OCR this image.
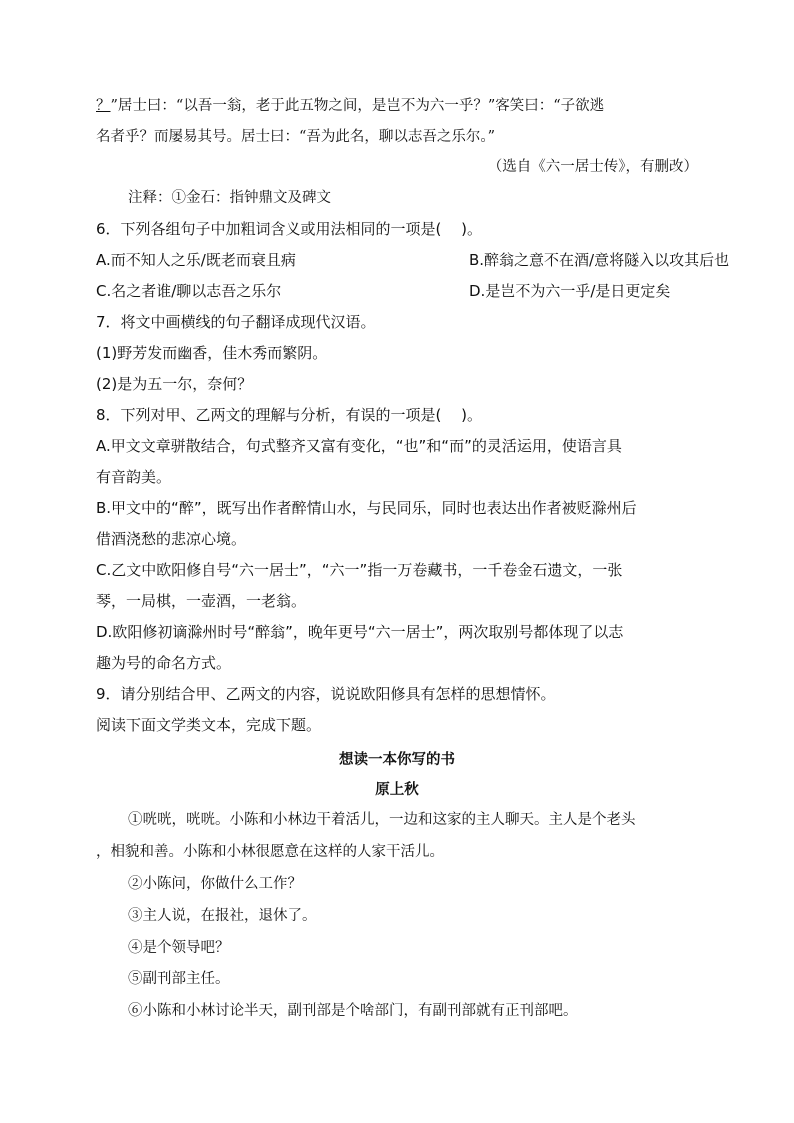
？”居士曰：“以吾一翁，老于此五物之间，是岂不为六一乎？”客笑曰：“子欲逃
名者乎？而屡易其号。居士曰：“吾为此名，聊以志吾之乐尔。”
（选自《六一居士传》，有删改）
注释：①金石：指钟鼎文及碑文
6．下列各组句子中加粗词含义或用法相同的一项是(　 )。
A.而不知人之乐/既老而衰且病	B.醉翁之意不在酒/意将隧入以攻其后也
C.名之者谁/聊以志吾之乐尔	D.是岂不为六一乎/是日更定矣
7．将文中画横线的句子翻译成现代汉语。
(1)野芳发而幽香，佳木秀而繁阴。
(2)是为五一尔，奈何？
8．下列对甲、乙两文的理解与分析，有误的一项是(　 )。
A.甲文文章骈散结合，句式整齐又富有变化，“也”和“而”的灵活运用，使语言具
有音韵美。
B.甲文中的“醉”，既写出作者醉情山水，与民同乐，同时也表达出作者被贬滁州后
借酒浇愁的悲凉心境。
C.乙文中欧阳修自号“六一居士”，“六一”指一万卷藏书，一千卷金石遗文，一张
琴，一局棋，一壶酒，一老翁。
D.欧阳修初谪滁州时号“醉翁”，晚年更号“六一居士”，两次取别号都体现了以志
趣为号的命名方式。
9．请分别结合甲、乙两文的内容，说说欧阳修具有怎样的思想情怀。
阅读下面文学类文本，完成下题。
想读一本你写的书
原上秋
①咣咣，咣咣。小陈和小林边干着活儿，一边和这家的主人聊天。主人是个老头
，相貌和善。小陈和小林很愿意在这样的人家干活儿。
②小陈问，你做什么工作？
③主人说，在报社，退休了。
④是个领导吧？
⑤副刊部主任。
⑥小陈和小林讨论半天，副刊部是个啥部门，有副刊部就有正刊部吧。
